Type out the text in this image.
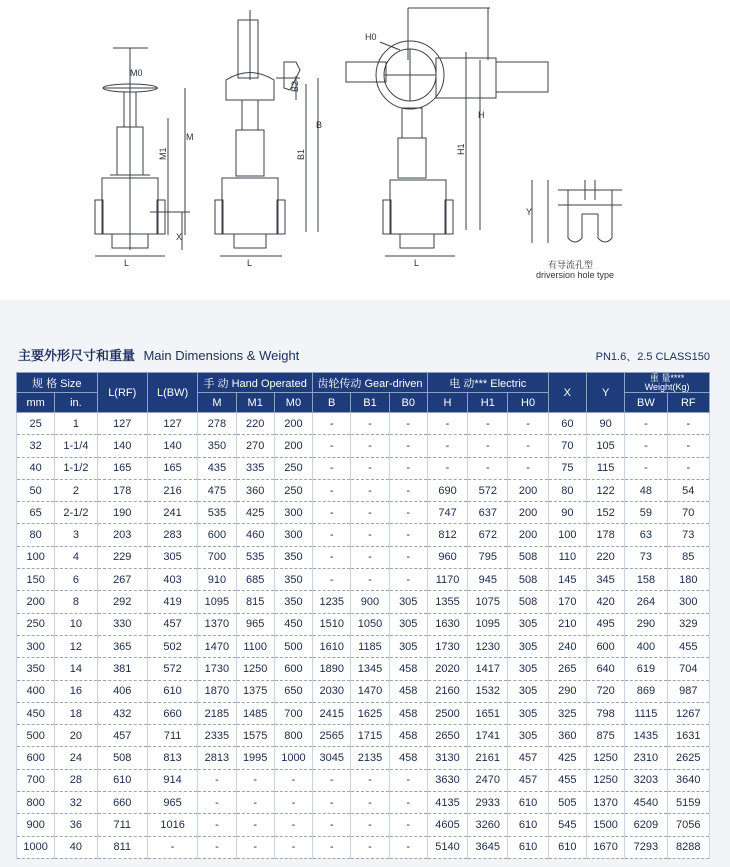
M0
M
M1
X
L
B2
B
B1
L
H0
H
H1
L
Y
有导流孔型
driversion hole type
主要外形尺寸和重量 Main Dimensions & Weight	PN1.6、2.5 CLASS150
规 格 Size		L(RF)	L(BW)	手 动 Hand Operated			齿轮传动 Gear-driven			电 动*** Electric			X	Y	重 量****
Weight(Kg)	

mm	in.			M	M1	M0	B	B1	B0	H	H1	H0			BW	RF
25	1	127	127	278	220	200	-	-	-	-	-	-	60	90	-	-
32	1-1/4	140	140	350	270	200	-	-	-	-	-	-	70	105	-	-
40	1-1/2	165	165	435	335	250	-	-	-	-	-	-	75	115	-	-
50	2	178	216	475	360	250	-	-	-	690	572	200	80	122	48	54
65	2-1/2	190	241	535	425	300	-	-	-	747	637	200	90	152	59	70
80	3	203	283	600	460	300	-	-	-	812	672	200	100	178	63	73
100	4	229	305	700	535	350	-	-	-	960	795	508	110	220	73	85
150	6	267	403	910	685	350	-	-	-	1170	945	508	145	345	158	180
200	8	292	419	1095	815	350	1235	900	305	1355	1075	508	170	420	264	300
250	10	330	457	1370	965	450	1510	1050	305	1630	1095	305	210	495	290	329
300	12	365	502	1470	1100	500	1610	1185	305	1730	1230	305	240	600	400	455
350	14	381	572	1730	1250	600	1890	1345	458	2020	1417	305	265	640	619	704
400	16	406	610	1870	1375	650	2030	1470	458	2160	1532	305	290	720	869	987
450	18	432	660	2185	1485	700	2415	1625	458	2500	1651	305	325	798	1115	1267
500	20	457	711	2335	1575	800	2565	1715	458	2650	1741	305	360	875	1435	1631
600	24	508	813	2813	1995	1000	3045	2135	458	3130	2161	457	425	1250	2310	2625
700	28	610	914	-	-	-	-	-	-	3630	2470	457	455	1250	3203	3640
800	32	660	965	-	-	-	-	-	-	4135	2933	610	505	1370	4540	5159
900	36	711	1016	-	-	-	-	-	-	4605	3260	610	545	1500	6209	7056
1000	40	811	-	-	-	-	-	-	-	5140	3645	610	610	1670	7293	8288
